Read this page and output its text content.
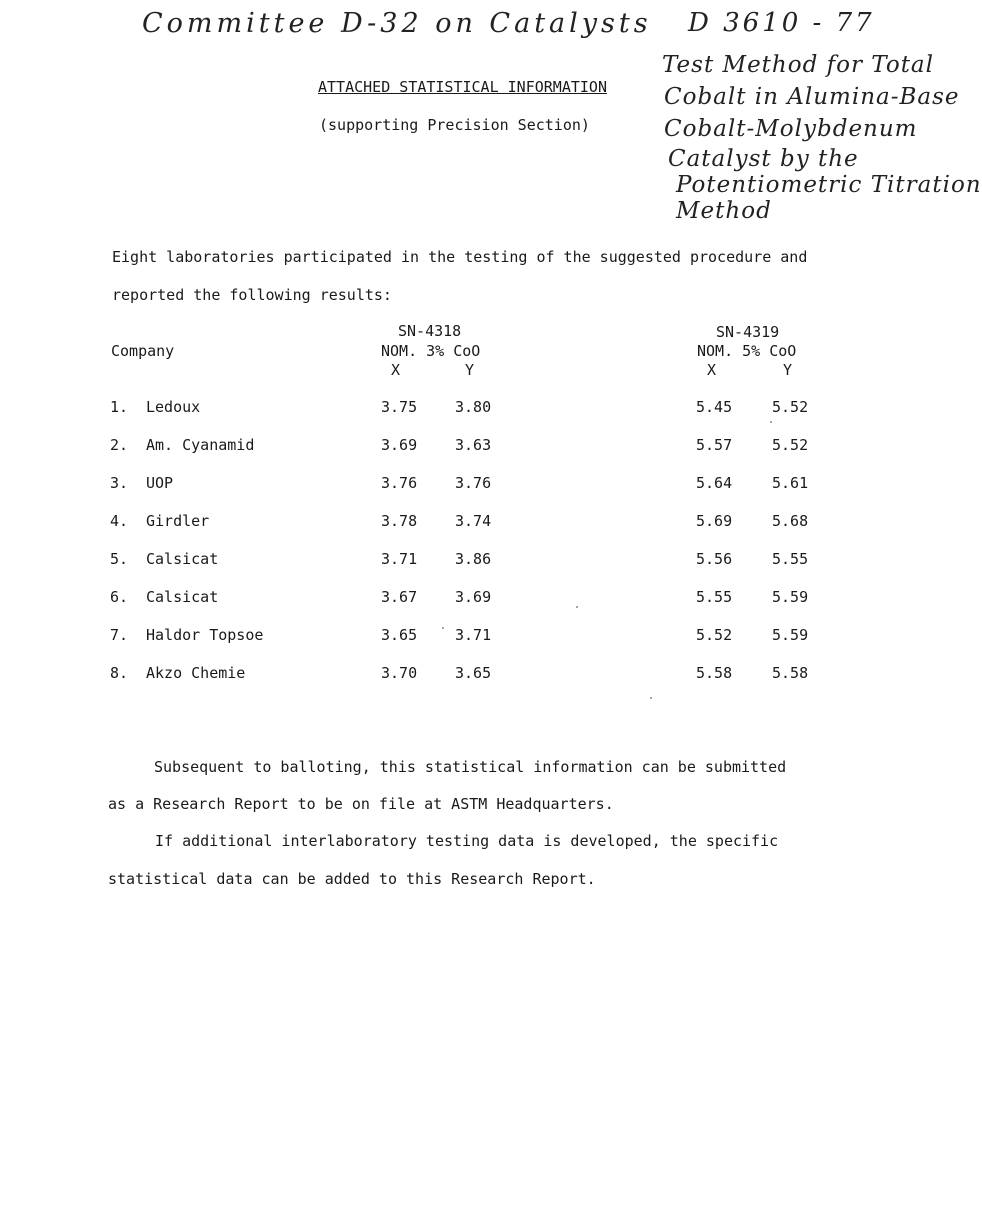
Committee D-32 on Catalysts D 3610 - 77
Test Method for Total
Cobalt in Alumina-Base
Cobalt-Molybdenum
Catalyst by the
Potentiometric Titration
Method
ATTACHED STATISTICAL INFORMATION
(supporting Precision Section)
Eight laboratories participated in the testing of the suggested procedure and
reported the following results:
Company
SN-4318
NOM. 3% CoO
X	Y
SN-4319
NOM. 5% CoO
X	Y
1. Ledoux	3.75	3.80	5.45	5.52
2. Am. Cyanamid	3.69	3.63	5.57	5.52
3. UOP	3.76	3.76	5.64	5.61
4. Girdler	3.78	3.74	5.69	5.68
5. Calsicat	3.71	3.86	5.56	5.55
6. Calsicat	3.67	3.69	5.55	5.59
7. Haldor Topsoe	3.65	3.71	5.52	5.59
8. Akzo Chemie	3.70	3.65	5.58	5.58
Subsequent to balloting, this statistical information can be submitted
as a Research Report to be on file at ASTM Headquarters.
If additional interlaboratory testing data is developed, the specific
statistical data can be added to this Research Report.
